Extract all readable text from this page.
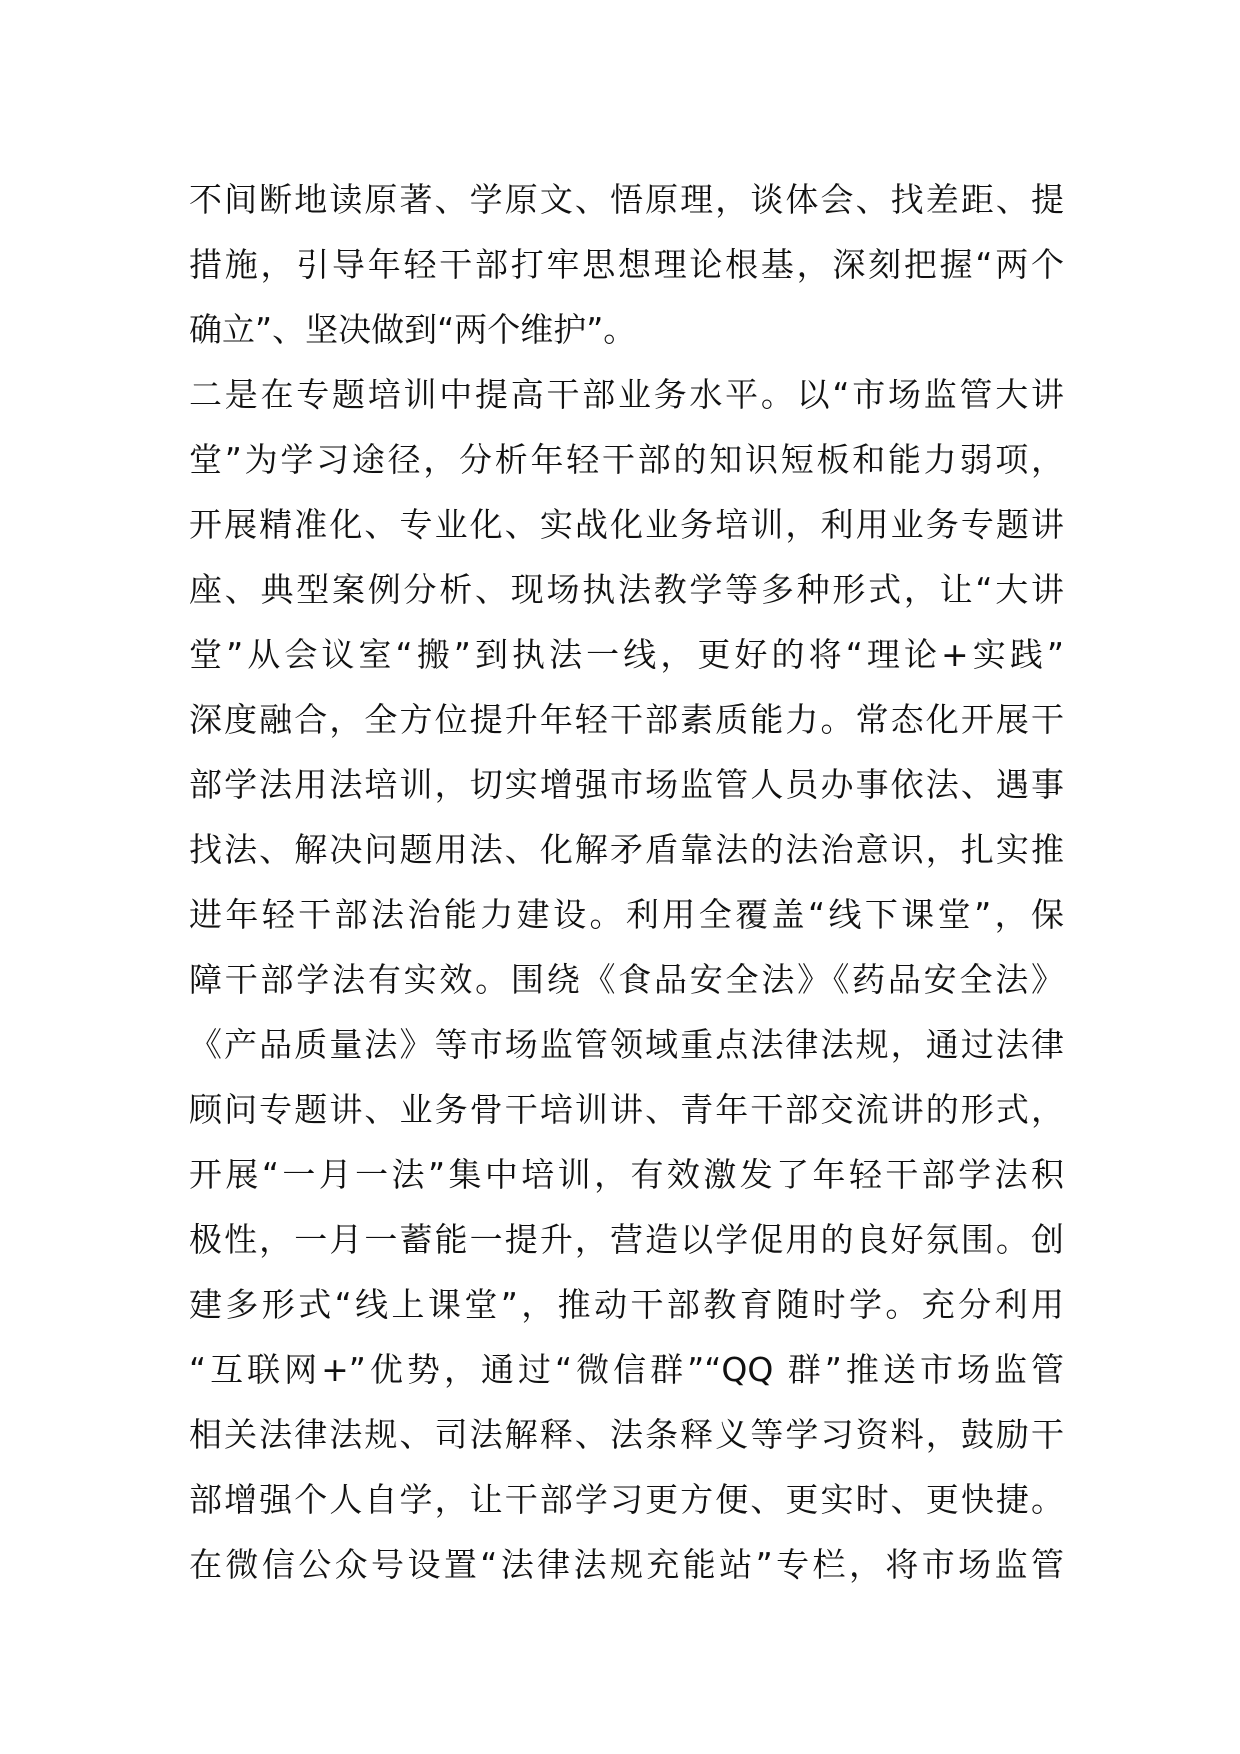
不间断地读原著、学原文、悟原理，谈体会、找差距、提
措施，引导年轻干部打牢思想理论根基，深刻把握“两个
确立”、坚决做到“两个维护”。
二是在专题培训中提高干部业务水平。以“市场监管大讲
堂”为学习途径，分析年轻干部的知识短板和能力弱项，
开展精准化、专业化、实战化业务培训，利用业务专题讲
座、典型案例分析、现场执法教学等多种形式，让“大讲
堂”从会议室“搬”到执法一线，更好的将“理论+实践”
深度融合，全方位提升年轻干部素质能力。常态化开展干
部学法用法培训，切实增强市场监管人员办事依法、遇事
找法、解决问题用法、化解矛盾靠法的法治意识，扎实推
进年轻干部法治能力建设。利用全覆盖“线下课堂”，保
障干部学法有实效。围绕《食品安全法》《药品安全法》
《产品质量法》等市场监管领域重点法律法规，通过法律
顾问专题讲、业务骨干培训讲、青年干部交流讲的形式，
开展“一月一法”集中培训，有效激发了年轻干部学法积
极性，一月一蓄能一提升，营造以学促用的良好氛围。创
建多形式“线上课堂”，推动干部教育随时学。充分利用
“互联网+”优势，通过“微信群”“QQ 群”推送市场监管
相关法律法规、司法解释、法条释义等学习资料，鼓励干
部增强个人自学，让干部学习更方便、更实时、更快捷。
在微信公众号设置“法律法规充能站”专栏，将市场监管
